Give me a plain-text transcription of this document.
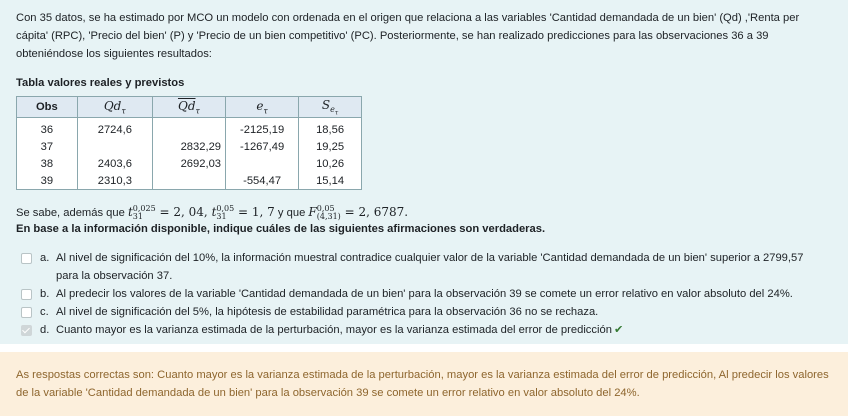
Con 35 datos, se ha estimado por MCO un modelo con ordenada en el origen que relaciona a las variables 'Cantidad demandada de un bien' (Qd) ,'Renta per cápita' (RPC), 'Precio del bien' (P) y 'Precio de un bien competitivo' (PC). Posteriormente, se han realizado predicciones para las observaciones 36 a 39 obteniéndose los siguientes resultados:
Tabla valores reales y previstos
Obs	$Qd_\tau$	$\overline{Qd}_\tau$	$e_\tau$	$S_{e_\tau}$
36	2724,6		-2125,19	18,56
37		2832,29	-1267,49	19,25
38	2403,6	2692,03		10,26
39	2310,3		-554,47	15,14
Se sabe, además que t 0,025
31	= 2, 04, t 0,05
31 = 1, 7 y que F 0,05
(4,31) = 2, 6787.
En base a la información disponible, indique cuáles de las siguientes afirmaciones son verdaderas.
a. Al nivel de significación del 10%, la información muestral contradice cualquier valor de la variable 'Cantidad demandada de un bien' superior a 2799,57 para la observación 37.
b. Al predecir los valores de la variable 'Cantidad demandada de un bien' para la observación 39 se comete un error relativo en valor absoluto del 24%.
c. Al nivel de significación del 5%, la hipótesis de estabilidad paramétrica para la observación 36 no se rechaza.
d. Cuanto mayor es la varianza estimada de la perturbación, mayor es la varianza estimada del error de predicción ✔
As respostas correctas son: Cuanto mayor es la varianza estimada de la perturbación, mayor es la varianza estimada del error de predicción, Al predecir los valores de la variable 'Cantidad demandada de un bien' para la observación 39 se comete un error relativo en valor absoluto del 24%.
